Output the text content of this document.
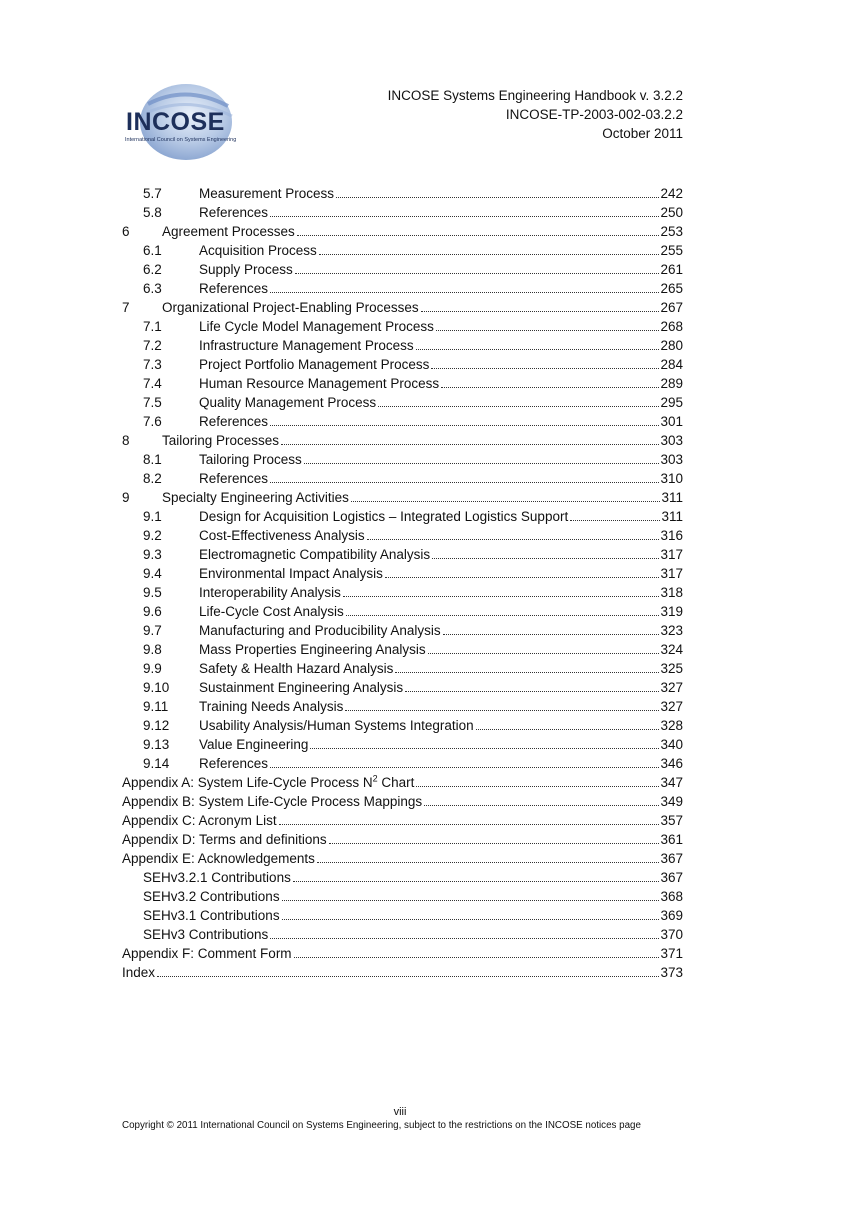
INCOSE
International Council on Systems Engineering
INCOSE Systems Engineering Handbook v. 3.2.2
INCOSE-TP-2003-002-03.2.2
October 2011
5.7	Measurement Process	242
5.8	References	250
6	Agreement Processes	253
6.1	Acquisition Process	255
6.2	Supply Process	261
6.3	References	265
7	Organizational Project-Enabling Processes	267
7.1	Life Cycle Model Management Process	268
7.2	Infrastructure Management Process	280
7.3	Project Portfolio Management Process	284
7.4	Human Resource Management Process	289
7.5	Quality Management Process	295
7.6	References	301
8	Tailoring Processes	303
8.1	Tailoring Process	303
8.2	References	310
9	Specialty Engineering Activities	311
9.1	Design for Acquisition Logistics – Integrated Logistics Support	311
9.2	Cost-Effectiveness Analysis	316
9.3	Electromagnetic Compatibility Analysis	317
9.4	Environmental Impact Analysis	317
9.5	Interoperability Analysis	318
9.6	Life-Cycle Cost Analysis	319
9.7	Manufacturing and Producibility Analysis	323
9.8	Mass Properties Engineering Analysis	324
9.9	Safety & Health Hazard Analysis	325
9.10	Sustainment Engineering Analysis	327
9.11	Training Needs Analysis	327
9.12	Usability Analysis/Human Systems Integration	328
9.13	Value Engineering	340
9.14	References	346
Appendix A: System Life-Cycle Process $N^2$ Chart	347
Appendix B: System Life-Cycle Process Mappings	349
Appendix C: Acronym List	357
Appendix D: Terms and definitions	361
Appendix E: Acknowledgements	367
SEHv3.2.1 Contributions	367
SEHv3.2 Contributions	368
SEHv3.1 Contributions	369
SEHv3 Contributions	370
Appendix F: Comment Form	371
Index	373
viii
Copyright © 2011 International Council on Systems Engineering, subject to the restrictions on the INCOSE notices page
